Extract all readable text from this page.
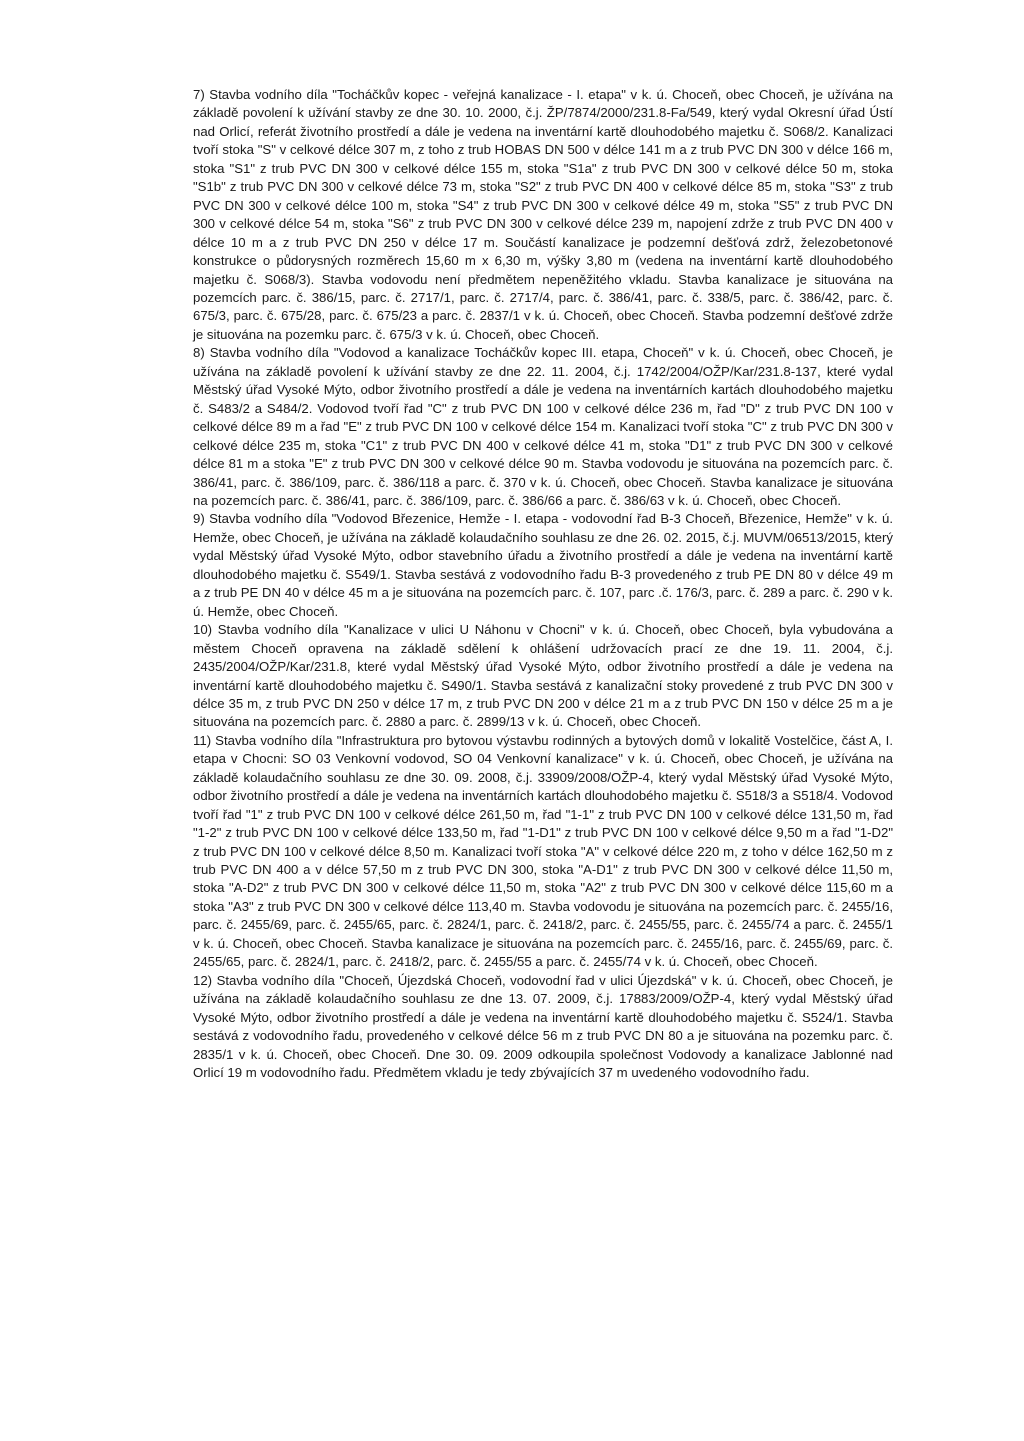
7) Stavba vodního díla "Tocháčkův kopec - veřejná kanalizace - I. etapa" v k. ú. Choceň, obec Choceň, je užívána na základě povolení k užívání stavby ze dne 30. 10. 2000, č.j. ŽP/7874/2000/231.8-Fa/549, který vydal Okresní úřad Ústí nad Orlicí, referát životního prostředí a dále je vedena na inventární kartě dlouhodobého majetku č. S068/2. Kanalizaci tvoří stoka "S" v celkové délce 307 m, z toho z trub HOBAS DN 500 v délce 141 m a z trub PVC DN 300 v délce 166 m, stoka "S1" z trub PVC DN 300 v celkové délce 155 m, stoka "S1a" z trub PVC DN 300 v celkové délce 50 m, stoka "S1b" z trub PVC DN 300 v celkové délce 73 m, stoka "S2" z trub PVC DN 400 v celkové délce 85 m, stoka "S3" z trub PVC DN 300 v celkové délce 100 m, stoka "S4" z trub PVC DN 300 v celkové délce 49 m, stoka "S5" z trub PVC DN 300 v celkové délce 54 m, stoka "S6" z trub PVC DN 300 v celkové délce 239 m, napojení zdrže z trub PVC DN 400 v délce 10 m a z trub PVC DN 250 v délce 17 m. Součástí kanalizace je podzemní dešťová zdrž, železobetonové konstrukce o půdorysných rozměrech 15,60 m x 6,30 m, výšky 3,80 m (vedena na inventární kartě dlouhodobého majetku č. S068/3). Stavba vodovodu není předmětem nepeněžitého vkladu. Stavba kanalizace je situována na pozemcích parc. č. 386/15, parc. č. 2717/1, parc. č. 2717/4, parc. č. 386/41, parc. č. 338/5, parc. č. 386/42, parc. č. 675/3, parc. č. 675/28, parc. č. 675/23 a parc. č. 2837/1 v k. ú. Choceň, obec Choceň. Stavba podzemní dešťové zdrže je situována na pozemku parc. č. 675/3 v k. ú. Choceň, obec Choceň.

8) Stavba vodního díla "Vodovod a kanalizace Tocháčkův kopec III. etapa, Choceň" v k. ú. Choceň, obec Choceň, je užívána na základě povolení k užívání stavby ze dne 22. 11. 2004, č.j. 1742/2004/OŽP/Kar/231.8-137, které vydal Městský úřad Vysoké Mýto, odbor životního prostředí a dále je vedena na inventárních kartách dlouhodobého majetku č. S483/2 a S484/2. Vodovod tvoří řad "C" z trub PVC DN 100 v celkové délce 236 m, řad "D" z trub PVC DN 100 v celkové délce 89 m a řad "E" z trub PVC DN 100 v celkové délce 154 m. Kanalizaci tvoří stoka "C" z trub PVC DN 300 v celkové délce 235 m, stoka "C1" z trub PVC DN 400 v celkové délce 41 m, stoka "D1" z trub PVC DN 300 v celkové délce 81 m a stoka "E" z trub PVC DN 300 v celkové délce 90 m. Stavba vodovodu je situována na pozemcích parc. č. 386/41, parc. č. 386/109, parc. č. 386/118 a parc. č. 370 v k. ú. Choceň, obec Choceň. Stavba kanalizace je situována na pozemcích parc. č. 386/41, parc. č. 386/109, parc. č. 386/66 a parc. č. 386/63 v k. ú. Choceň, obec Choceň.

9) Stavba vodního díla "Vodovod Březenice, Hemže - I. etapa - vodovodní řad B-3 Choceň, Březenice, Hemže" v k. ú. Hemže, obec Choceň, je užívána na základě kolaudačního souhlasu ze dne 26. 02. 2015, č.j. MUVM/06513/2015, který vydal Městský úřad Vysoké Mýto, odbor stavebního úřadu a životního prostředí a dále je vedena na inventární kartě dlouhodobého majetku č. S549/1. Stavba sestává z vodovodního řadu B-3 provedeného z trub PE DN 80 v délce 49 m a z trub PE DN 40 v délce 45 m a je situována na pozemcích parc. č. 107, parc .č. 176/3, parc. č. 289 a parc. č. 290 v k. ú. Hemže, obec Choceň.

10) Stavba vodního díla "Kanalizace v ulici U Náhonu v Chocni" v k. ú. Choceň, obec Choceň, byla vybudována a městem Choceň opravena na základě sdělení k ohlášení udržovacích prací ze dne 19. 11. 2004, č.j. 2435/2004/OŽP/Kar/231.8, které vydal Městský úřad Vysoké Mýto, odbor životního prostředí a dále je vedena na inventární kartě dlouhodobého majetku č. S490/1. Stavba sestává z kanalizační stoky provedené z trub PVC DN 300 v délce 35 m, z trub PVC DN 250 v délce 17 m, z trub PVC DN 200 v délce 21 m a z trub PVC DN 150 v délce 25 m a je situována na pozemcích parc. č. 2880 a parc. č. 2899/13 v k. ú. Choceň, obec Choceň.

11) Stavba vodního díla "Infrastruktura pro bytovou výstavbu rodinných a bytových domů v lokalitě Vostelčice, část A, I. etapa v Chocni: SO 03 Venkovní vodovod, SO 04 Venkovní kanalizace" v k. ú. Choceň, obec Choceň, je užívána na základě kolaudačního souhlasu ze dne 30. 09. 2008, č.j. 33909/2008/OŽP-4, který vydal Městský úřad Vysoké Mýto, odbor životního prostředí a dále je vedena na inventárních kartách dlouhodobého majetku č. S518/3 a S518/4. Vodovod tvoří řad "1" z trub PVC DN 100 v celkové délce 261,50 m, řad "1-1" z trub PVC DN 100 v celkové délce 131,50 m, řad "1-2" z trub PVC DN 100 v celkové délce 133,50 m, řad "1-D1" z trub PVC DN 100 v celkové délce 9,50 m a řad "1-D2" z trub PVC DN 100 v celkové délce 8,50 m. Kanalizaci tvoří stoka "A" v celkové délce 220 m, z toho v délce 162,50 m z trub PVC DN 400 a v délce 57,50 m z trub PVC DN 300, stoka "A-D1" z trub PVC DN 300 v celkové délce 11,50 m, stoka "A-D2" z trub PVC DN 300 v celkové délce 11,50 m, stoka "A2" z trub PVC DN 300 v celkové délce 115,60 m a stoka "A3" z trub PVC DN 300 v celkové délce 113,40 m. Stavba vodovodu je situována na pozemcích parc. č. 2455/16, parc. č. 2455/69, parc. č. 2455/65, parc. č. 2824/1, parc. č. 2418/2, parc. č. 2455/55, parc. č. 2455/74 a parc. č. 2455/1 v k. ú. Choceň, obec Choceň. Stavba kanalizace je situována na pozemcích parc. č. 2455/16, parc. č. 2455/69, parc. č. 2455/65, parc. č. 2824/1, parc. č. 2418/2, parc. č. 2455/55 a parc. č. 2455/74 v k. ú. Choceň, obec Choceň.

12) Stavba vodního díla "Choceň, Újezdská Choceň, vodovodní řad v ulici Újezdská" v k. ú. Choceň, obec Choceň, je užívána na základě kolaudačního souhlasu ze dne 13. 07. 2009, č.j. 17883/2009/OŽP-4, který vydal Městský úřad Vysoké Mýto, odbor životního prostředí a dále je vedena na inventární kartě dlouhodobého majetku č. S524/1. Stavba sestává z vodovodního řadu, provedeného v celkové délce 56 m z trub PVC DN 80 a je situována na pozemku parc. č. 2835/1 v k. ú. Choceň, obec Choceň. Dne 30. 09. 2009 odkoupila společnost Vodovody a kanalizace Jablonné nad Orlicí 19 m vodovodního řadu. Předmětem vkladu je tedy zbývajících 37 m uvedeného vodovodního řadu.
